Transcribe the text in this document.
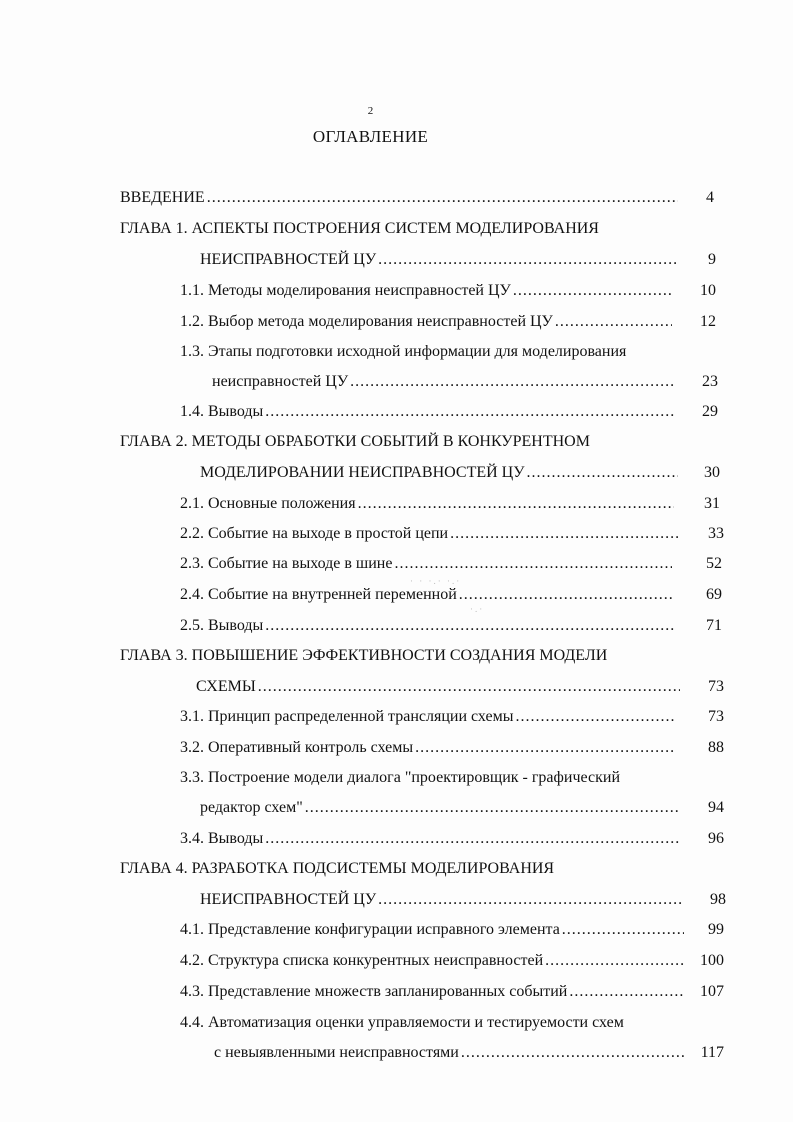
2
ОГЛАВЛЕНИЕ
ВВЕДЕНИЕ .....	4
ГЛАВА 1. АСПЕКТЫ ПОСТРОЕНИЯ СИСТЕМ МОДЕЛИРОВАНИЯ
НЕИСПРАВНОСТЕЙ ЦУ .....	9
1.1. Методы моделирования неисправностей ЦУ .....	10
1.2. Выбор метода моделирования неисправностей ЦУ .....	12
1.3. Этапы подготовки исходной информации для моделирования
неисправностей ЦУ .....	23
1.4. Выводы .....	29
ГЛАВА 2. МЕТОДЫ ОБРАБОТКИ СОБЫТИЙ В КОНКУРЕНТНОМ
МОДЕЛИРОВАНИИ НЕИСПРАВНОСТЕЙ ЦУ .....	30
2.1. Основные положения .....	31
2.2. Событие на выходе в простой цепи .....	33
2.3. Событие на выходе в шине .....	52
2.4. Событие на внутренней переменной .....	69
2.5. Выводы .....	71
ГЛАВА 3. ПОВЫШЕНИЕ ЭФФЕКТИВНОСТИ СОЗДАНИЯ МОДЕЛИ
СХЕМЫ .....	73
3.1. Принцип распределенной трансляции схемы .....	73
3.2. Оперативный контроль схемы .....	88
3.3. Построение модели диалога "проектировщик - графический
редактор схем" .....	94
3.4. Выводы .....	96
ГЛАВА 4. РАЗРАБОТКА ПОДСИСТЕМЫ МОДЕЛИРОВАНИЯ
НЕИСПРАВНОСТЕЙ ЦУ .....	98
4.1. Представление конфигурации исправного элемента .....	99
4.2. Структура списка конкурентных неисправностей .....	100
4.3. Представление множеств запланированных событий .....	107
4.4. Автоматизация оценки управляемости и тестируемости схем
с невыявленными неисправностями .....	117
· · ·.· ·.·
·.·
